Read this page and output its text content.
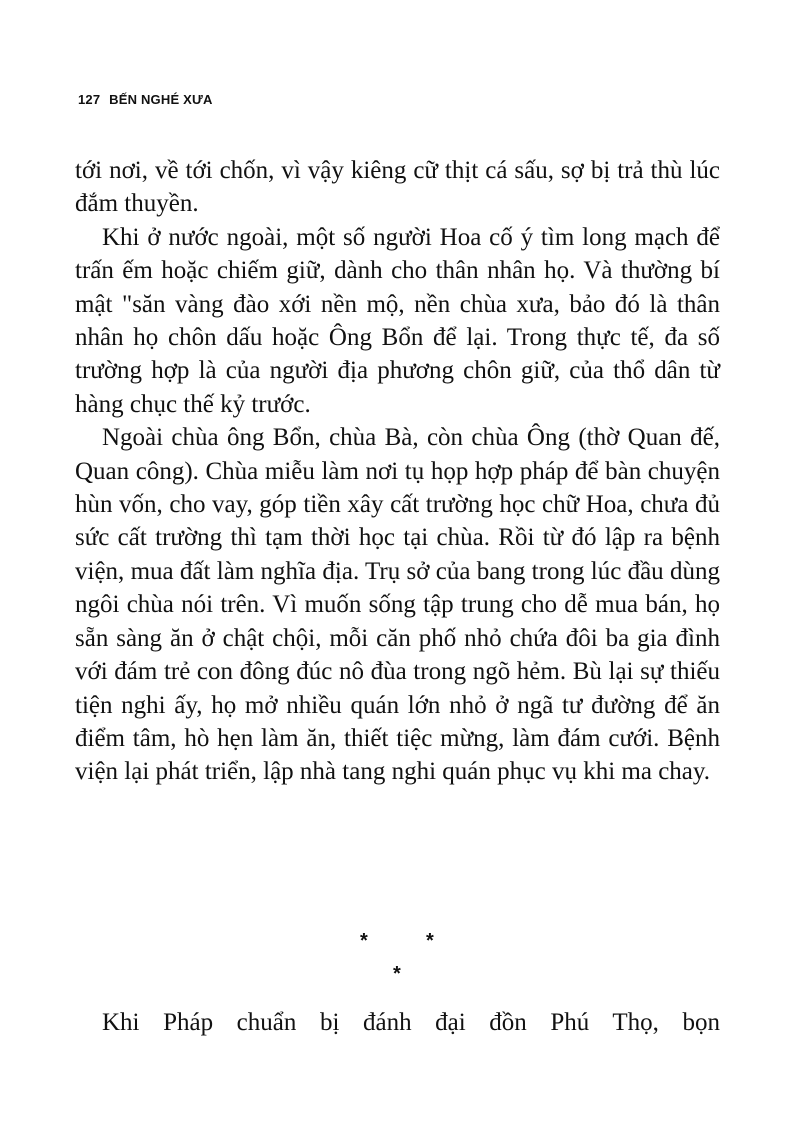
127 BẾN NGHÉ XƯA

tới nơi, về tới chốn, vì vậy kiêng cữ thịt cá sấu, sợ bị trả thù lúc đắm thuyền.

Khi ở nước ngoài, một số người Hoa cố ý tìm long mạch để trấn ếm hoặc chiếm giữ, dành cho thân nhân họ. Và thường bí mật "săn vàng đào xới nền mộ, nền chùa xưa, bảo đó là thân nhân họ chôn dấu hoặc Ông Bổn để lại. Trong thực tế, đa số trường hợp là của người địa phương chôn giữ, của thổ dân từ hàng chục thế kỷ trước.

Ngoài chùa ông Bổn, chùa Bà, còn chùa Ông (thờ Quan đế, Quan công). Chùa miễu làm nơi tụ họp hợp pháp để bàn chuyện hùn vốn, cho vay, góp tiền xây cất trường học chữ Hoa, chưa đủ sức cất trường thì tạm thời học tại chùa. Rồi từ đó lập ra bệnh viện, mua đất làm nghĩa địa. Trụ sở của bang trong lúc đầu dùng ngôi chùa nói trên. Vì muốn sống tập trung cho dễ mua bán, họ sẵn sàng ăn ở chật chội, mỗi căn phố nhỏ chứa đôi ba gia đình với đám trẻ con đông đúc nô đùa trong ngõ hẻm. Bù lại sự thiếu tiện nghi ấy, họ mở nhiều quán lớn nhỏ ở ngã tư đường để ăn điểm tâm, hò hẹn làm ăn, thiết tiệc mừng, làm đám cưới. Bệnh viện lại phát triển, lập nhà tang nghi quán phục vụ khi ma chay.

*	*
*

Khi Pháp chuẩn bị đánh đại đồn Phú Thọ, bọn
